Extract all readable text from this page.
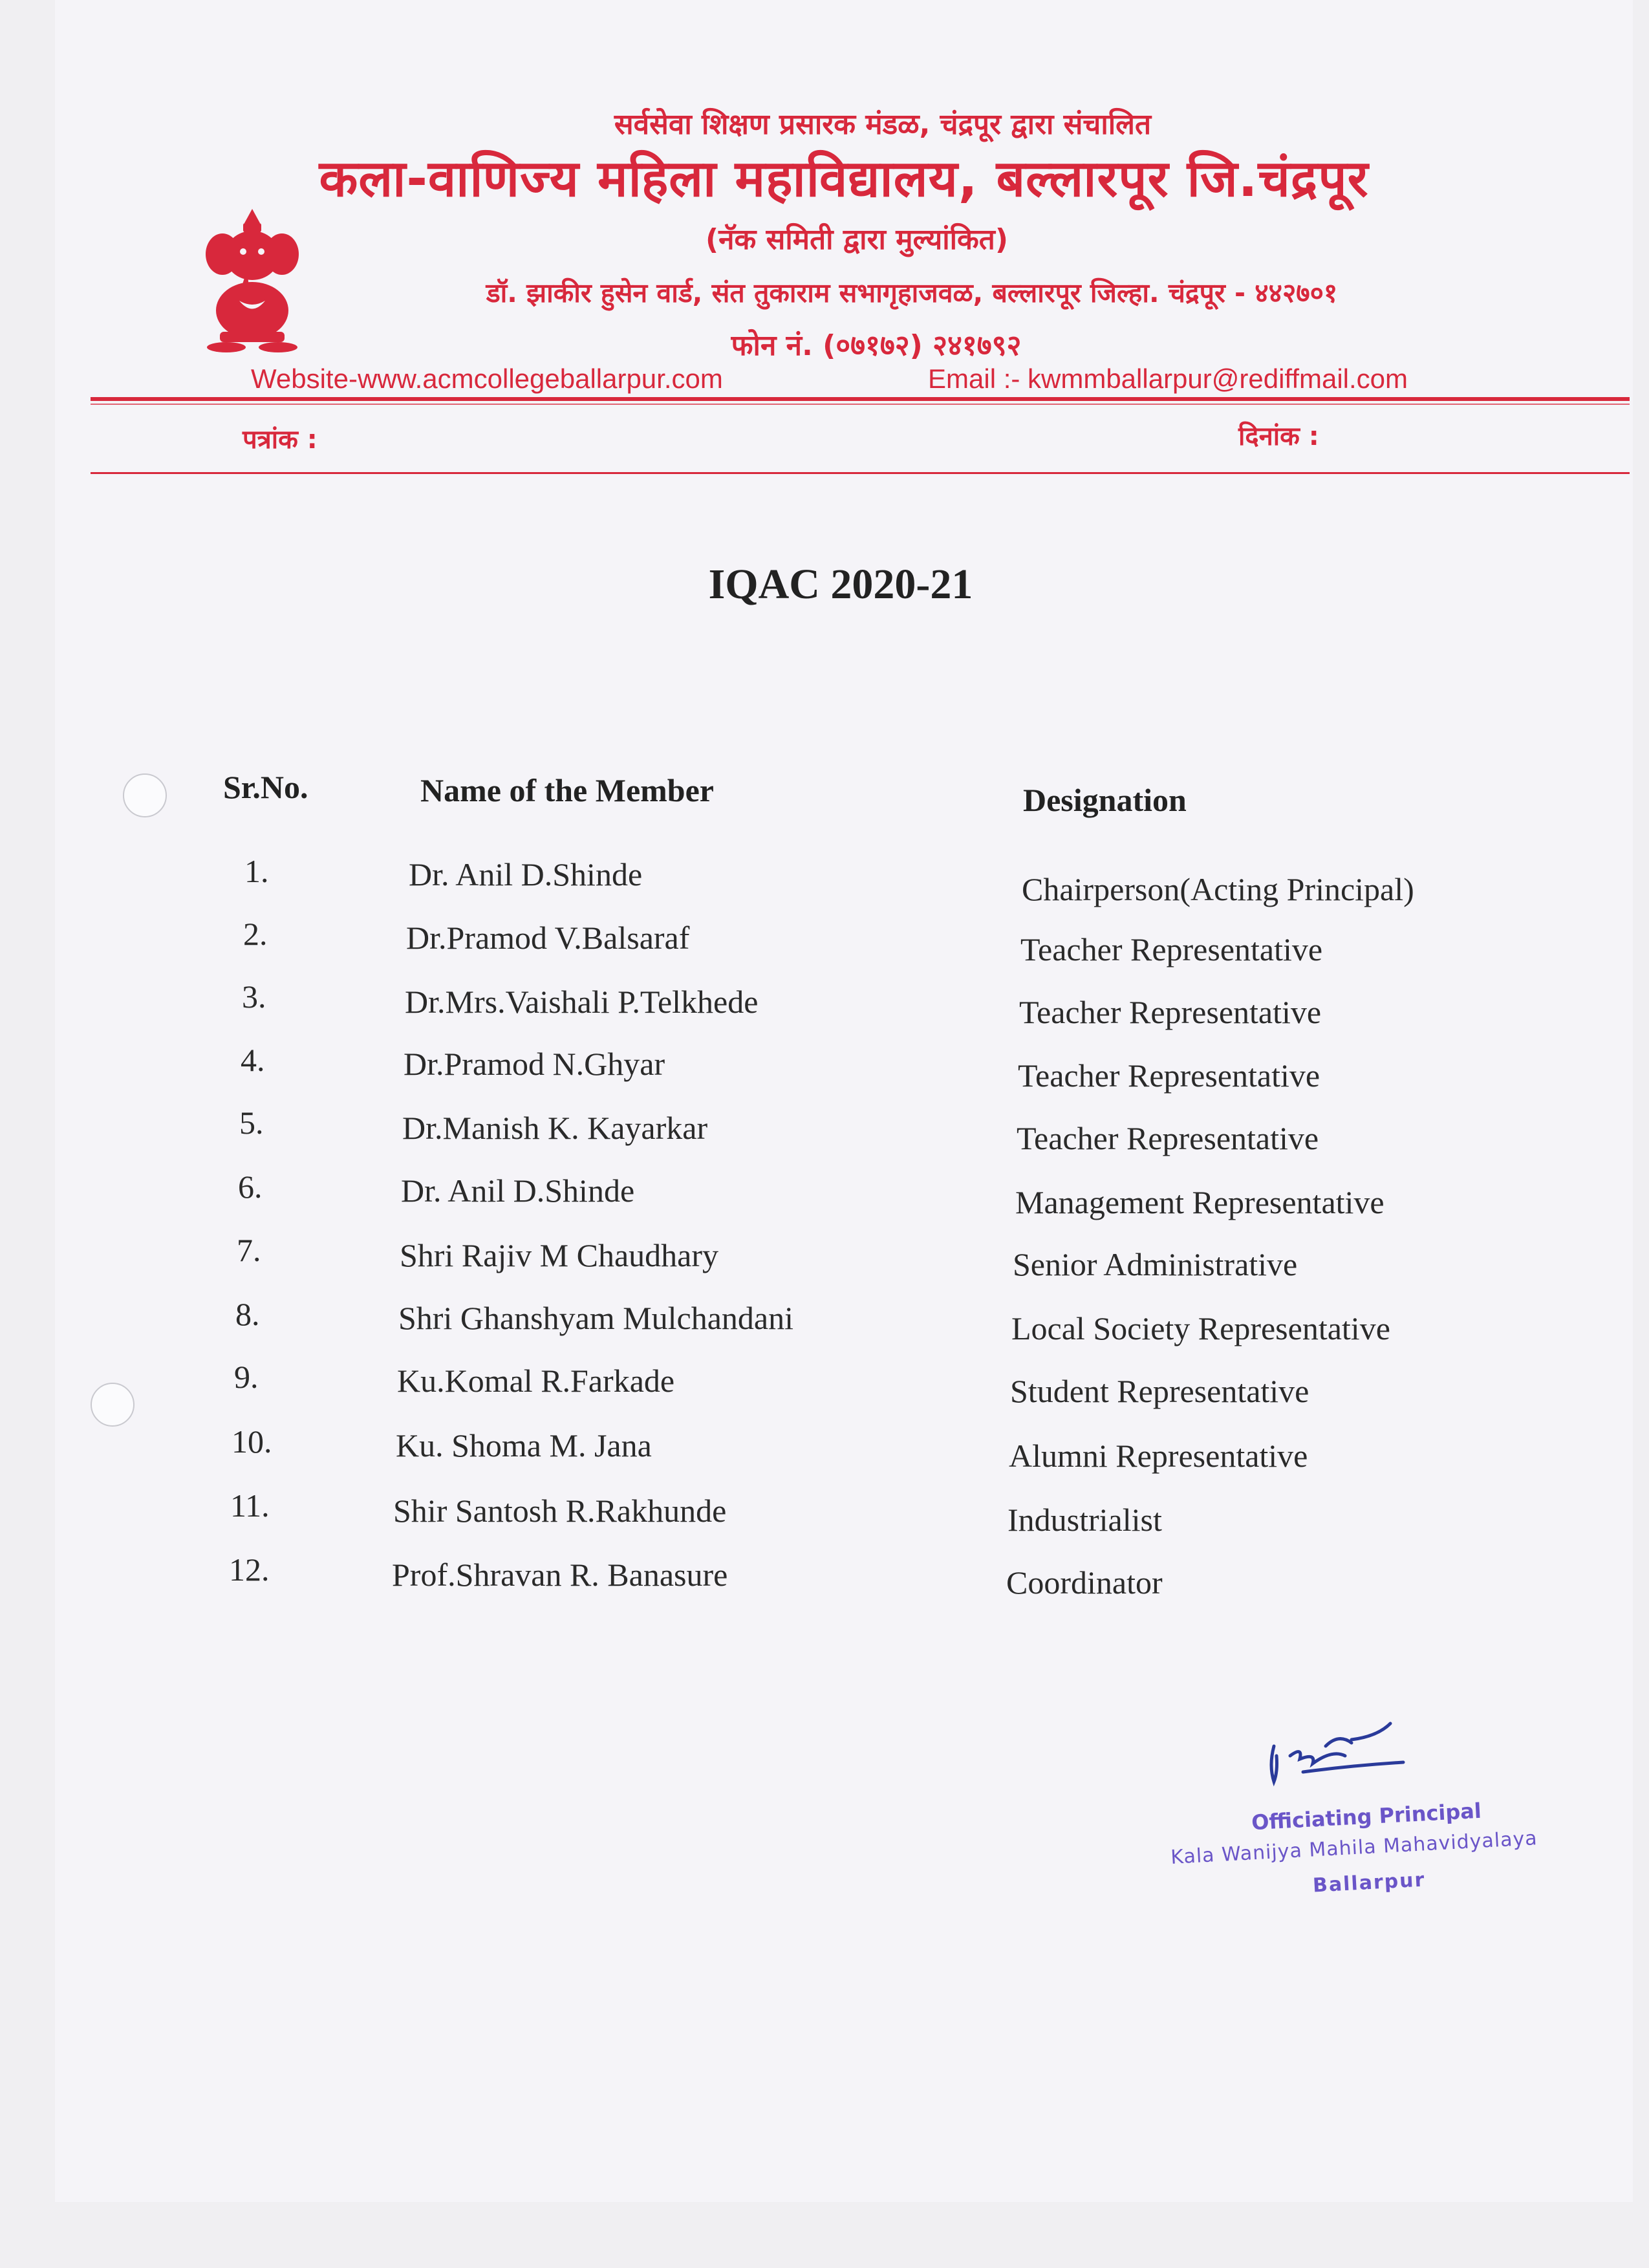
सर्वसेवा शिक्षण प्रसारक मंडळ, चंद्रपूर द्वारा संचालित
कला-वाणिज्य महिला महाविद्यालय, बल्लारपूर जि.चंद्रपूर
(नॅक समिती द्वारा मुल्यांकित)
डॉ. झाकीर हुसेन वार्ड, संत तुकाराम सभागृहाजवळ, बल्लारपूर जिल्हा. चंद्रपूर - ४४२७०१
फोन नं. (०७१७२) २४१७९२
Website-www.acmcollegeballarpur.com	Email :- kwmmballarpur@rediffmail.com
पत्रांक :	दिनांक :
IQAC 2020-21
Sr.No.	Name of the Member	Designation
1.	Dr. Anil D.Shinde	Chairperson(Acting Principal)
2.	Dr.Pramod V.Balsaraf	Teacher Representative
3.	Dr.Mrs.Vaishali P.Telkhede	Teacher Representative
4.	Dr.Pramod N.Ghyar	Teacher Representative
5.	Dr.Manish K. Kayarkar	Teacher Representative
6.	Dr. Anil D.Shinde	Management Representative
7.	Shri Rajiv M Chaudhary	Senior Administrative
8.	Shri Ghanshyam Mulchandani	Local Society Representative
9.	Ku.Komal R.Farkade	Student Representative
10.	Ku. Shoma M. Jana	Alumni Representative
11.	Shir Santosh R.Rakhunde	Industrialist
12.	Prof.Shravan R. Banasure	Coordinator
Officiating Principal
Kala Wanijya Mahila Mahavidyalaya
Ballarpur
